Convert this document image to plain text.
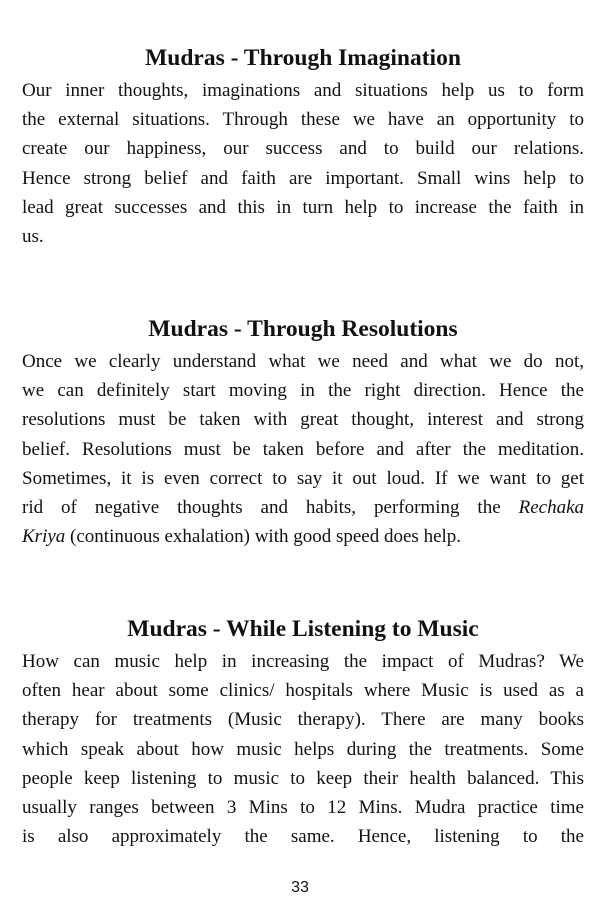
Mudras - Through Imagination

Our inner thoughts, imaginations and situations help us to form
the external situations. Through these we have an opportunity to
create our happiness, our success and to build our relations.
Hence strong belief and faith are important. Small wins help to
lead great successes and this in turn help to increase the faith in
us.

Mudras - Through Resolutions

Once we clearly understand what we need and what we do not,
we can definitely start moving in the right direction. Hence the
resolutions must be taken with great thought, interest and strong
belief. Resolutions must be taken before and after the meditation.
Sometimes, it is even correct to say it out loud. If we want to get
rid of negative thoughts and habits, performing the Rechaka
Kriya (continuous exhalation) with good speed does help.

Mudras - While Listening to Music

How can music help in increasing the impact of Mudras? We
often hear about some clinics/ hospitals where Music is used as a
therapy for treatments (Music therapy). There are many books
which speak about how music helps during the treatments. Some
people keep listening to music to keep their health balanced. This
usually ranges between 3 Mins to 12 Mins. Mudra practice time
is also approximately the same. Hence, listening to the

33
